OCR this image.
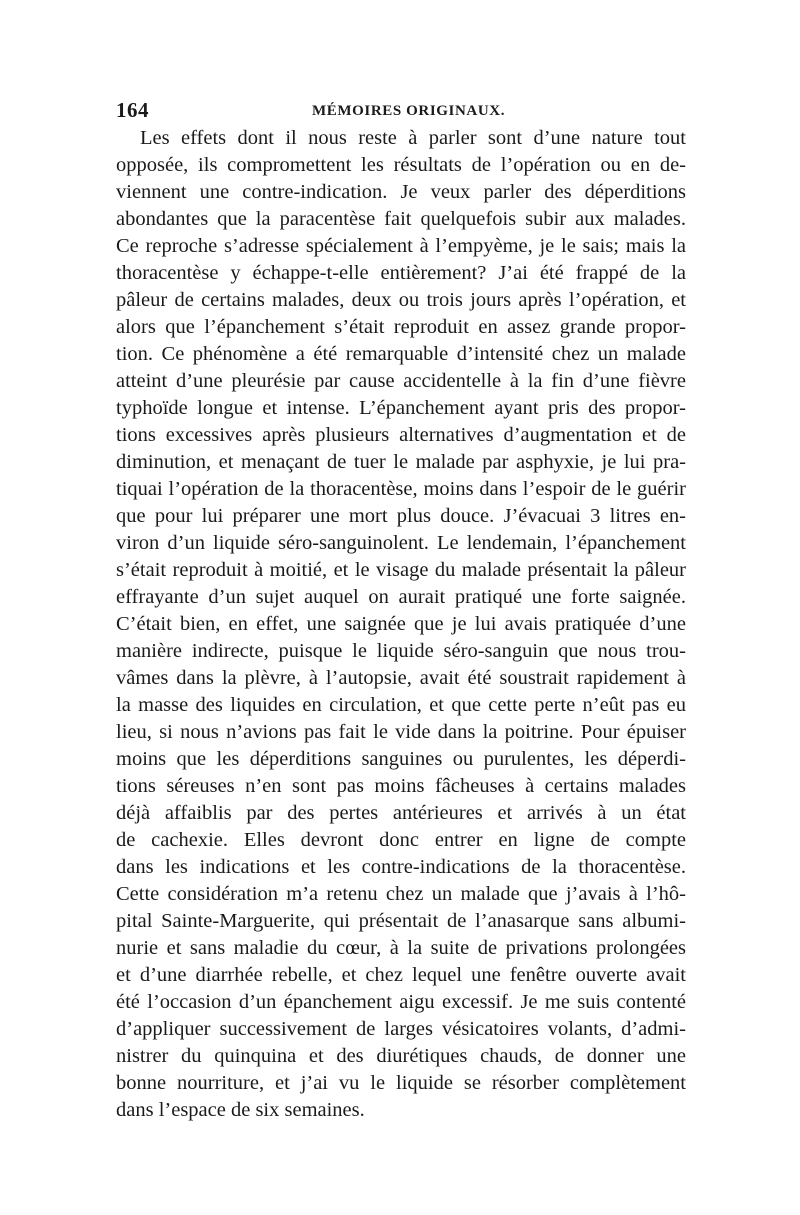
164	MÉMOIRES ORIGINAUX.
Les effets dont il nous reste à parler sont d’une nature tout
opposée, ils compromettent les résultats de l’opération ou en de-
viennent une contre-indication. Je veux parler des déperditions
abondantes que la paracentèse fait quelquefois subir aux malades.
Ce reproche s’adresse spécialement à l’empyème, je le sais; mais la
thoracentèse y échappe-t-elle entièrement? J’ai été frappé de la
pâleur de certains malades, deux ou trois jours après l’opération, et
alors que l’épanchement s’était reproduit en assez grande propor-
tion. Ce phénomène a été remarquable d’intensité chez un malade
atteint d’une pleurésie par cause accidentelle à la fin d’une fièvre
typhoïde longue et intense. L’épanchement ayant pris des propor-
tions excessives après plusieurs alternatives d’augmentation et de
diminution, et menaçant de tuer le malade par asphyxie, je lui pra-
tiquai l’opération de la thoracentèse, moins dans l’espoir de le guérir
que pour lui préparer une mort plus douce. J’évacuai 3 litres en-
viron d’un liquide séro-sanguinolent. Le lendemain, l’épanchement
s’était reproduit à moitié, et le visage du malade présentait la pâleur
effrayante d’un sujet auquel on aurait pratiqué une forte saignée.
C’était bien, en effet, une saignée que je lui avais pratiquée d’une
manière indirecte, puisque le liquide séro-sanguin que nous trou-
vâmes dans la plèvre, à l’autopsie, avait été soustrait rapidement à
la masse des liquides en circulation, et que cette perte n’eût pas eu
lieu, si nous n’avions pas fait le vide dans la poitrine. Pour épuiser
moins que les déperditions sanguines ou purulentes, les déperdi-
tions séreuses n’en sont pas moins fâcheuses à certains malades
déjà affaiblis par des pertes antérieures et arrivés à un état
de cachexie. Elles devront donc entrer en ligne de compte
dans les indications et les contre-indications de la thoracentèse.
Cette considération m’a retenu chez un malade que j’avais à l’hô-
pital Sainte-Marguerite, qui présentait de l’anasarque sans albumi-
nurie et sans maladie du cœur, à la suite de privations prolongées
et d’une diarrhée rebelle, et chez lequel une fenêtre ouverte avait
été l’occasion d’un épanchement aigu excessif. Je me suis contenté
d’appliquer successivement de larges vésicatoires volants, d’admi-
nistrer du quinquina et des diurétiques chauds, de donner une
bonne nourriture, et j’ai vu le liquide se résorber complètement
dans l’espace de six semaines.
